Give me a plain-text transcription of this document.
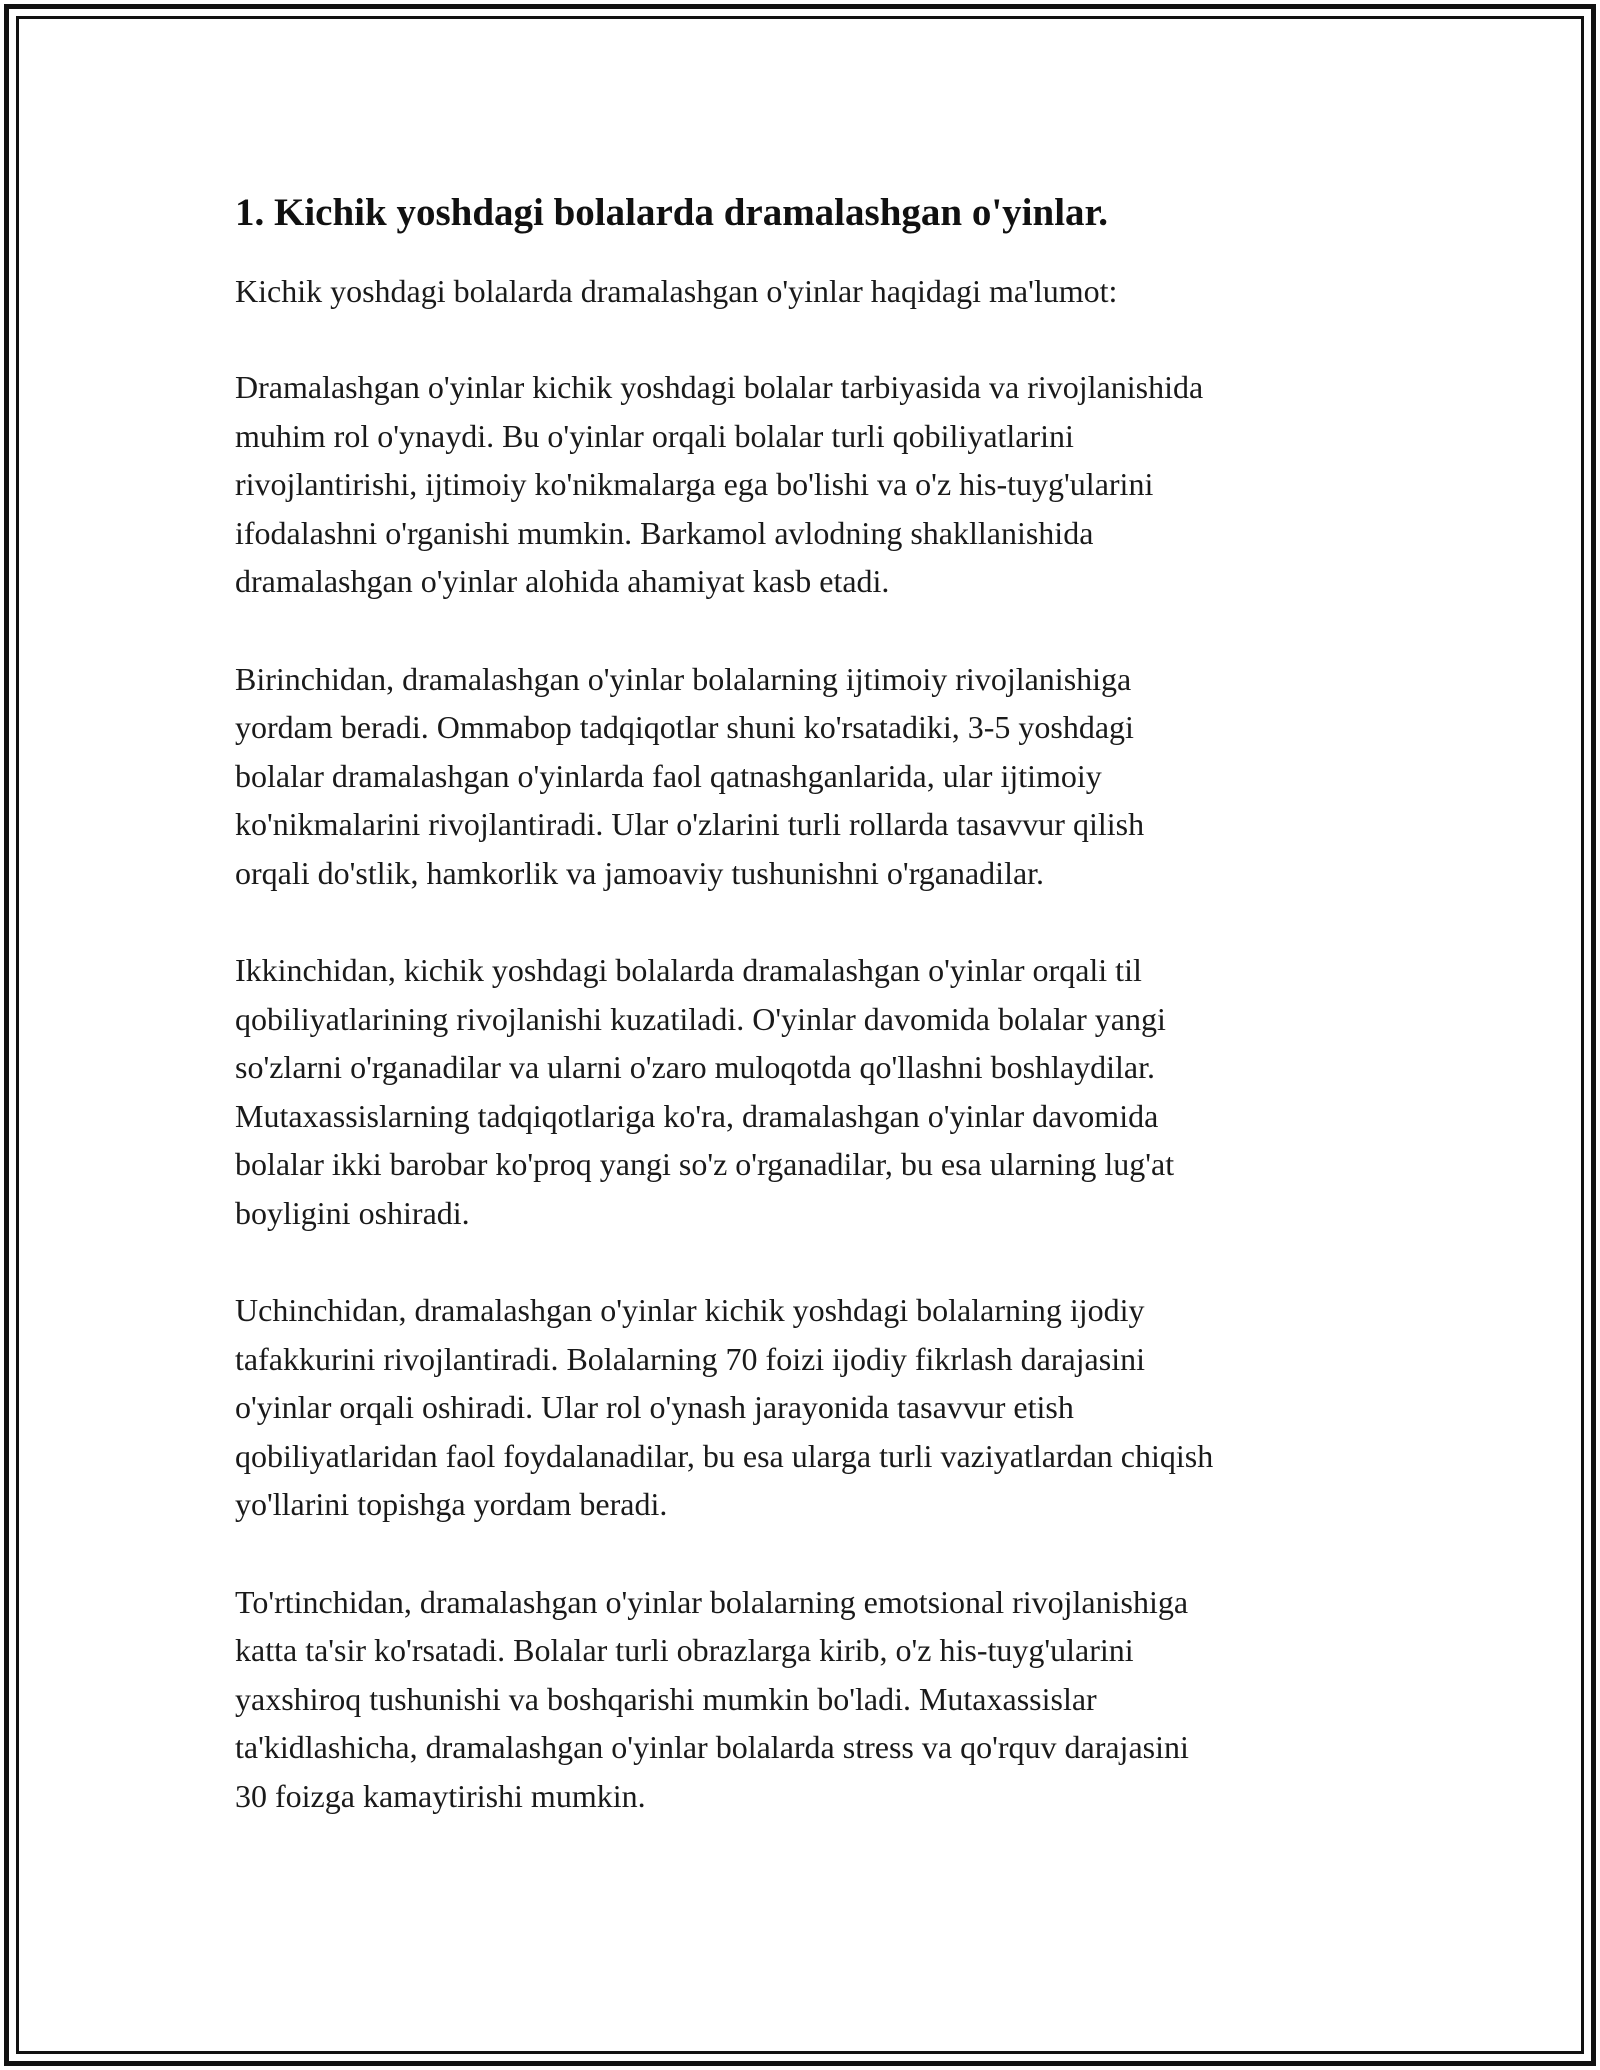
1. Kichik yoshdagi bolalarda dramalashgan o'yinlar.

Kichik yoshdagi bolalarda dramalashgan o'yinlar haqidagi ma'lumot:

Dramalashgan o'yinlar kichik yoshdagi bolalar tarbiyasida va rivojlanishida
muhim rol o'ynaydi. Bu o'yinlar orqali bolalar turli qobiliyatlarini
rivojlantirishi, ijtimoiy ko'nikmalarga ega bo'lishi va o'z his-tuyg'ularini
ifodalashni o'rganishi mumkin. Barkamol avlodning shakllanishida
dramalashgan o'yinlar alohida ahamiyat kasb etadi.

Birinchidan, dramalashgan o'yinlar bolalarning ijtimoiy rivojlanishiga
yordam beradi. Ommabop tadqiqotlar shuni ko'rsatadiki, 3-5 yoshdagi
bolalar dramalashgan o'yinlarda faol qatnashganlarida, ular ijtimoiy
ko'nikmalarini rivojlantiradi. Ular o'zlarini turli rollarda tasavvur qilish
orqali do'stlik, hamkorlik va jamoaviy tushunishni o'rganadilar.

Ikkinchidan, kichik yoshdagi bolalarda dramalashgan o'yinlar orqali til
qobiliyatlarining rivojlanishi kuzatiladi. O'yinlar davomida bolalar yangi
so'zlarni o'rganadilar va ularni o'zaro muloqotda qo'llashni boshlaydilar.
Mutaxassislarning tadqiqotlariga ko'ra, dramalashgan o'yinlar davomida
bolalar ikki barobar ko'proq yangi so'z o'rganadilar, bu esa ularning lug'at
boyligini oshiradi.

Uchinchidan, dramalashgan o'yinlar kichik yoshdagi bolalarning ijodiy
tafakkurini rivojlantiradi. Bolalarning 70 foizi ijodiy fikrlash darajasini
o'yinlar orqali oshiradi. Ular rol o'ynash jarayonida tasavvur etish
qobiliyatlaridan faol foydalanadilar, bu esa ularga turli vaziyatlardan chiqish
yo'llarini topishga yordam beradi.

To'rtinchidan, dramalashgan o'yinlar bolalarning emotsional rivojlanishiga
katta ta'sir ko'rsatadi. Bolalar turli obrazlarga kirib, o'z his-tuyg'ularini
yaxshiroq tushunishi va boshqarishi mumkin bo'ladi. Mutaxassislar
ta'kidlashicha, dramalashgan o'yinlar bolalarda stress va qo'rquv darajasini
30 foizga kamaytirishi mumkin.
